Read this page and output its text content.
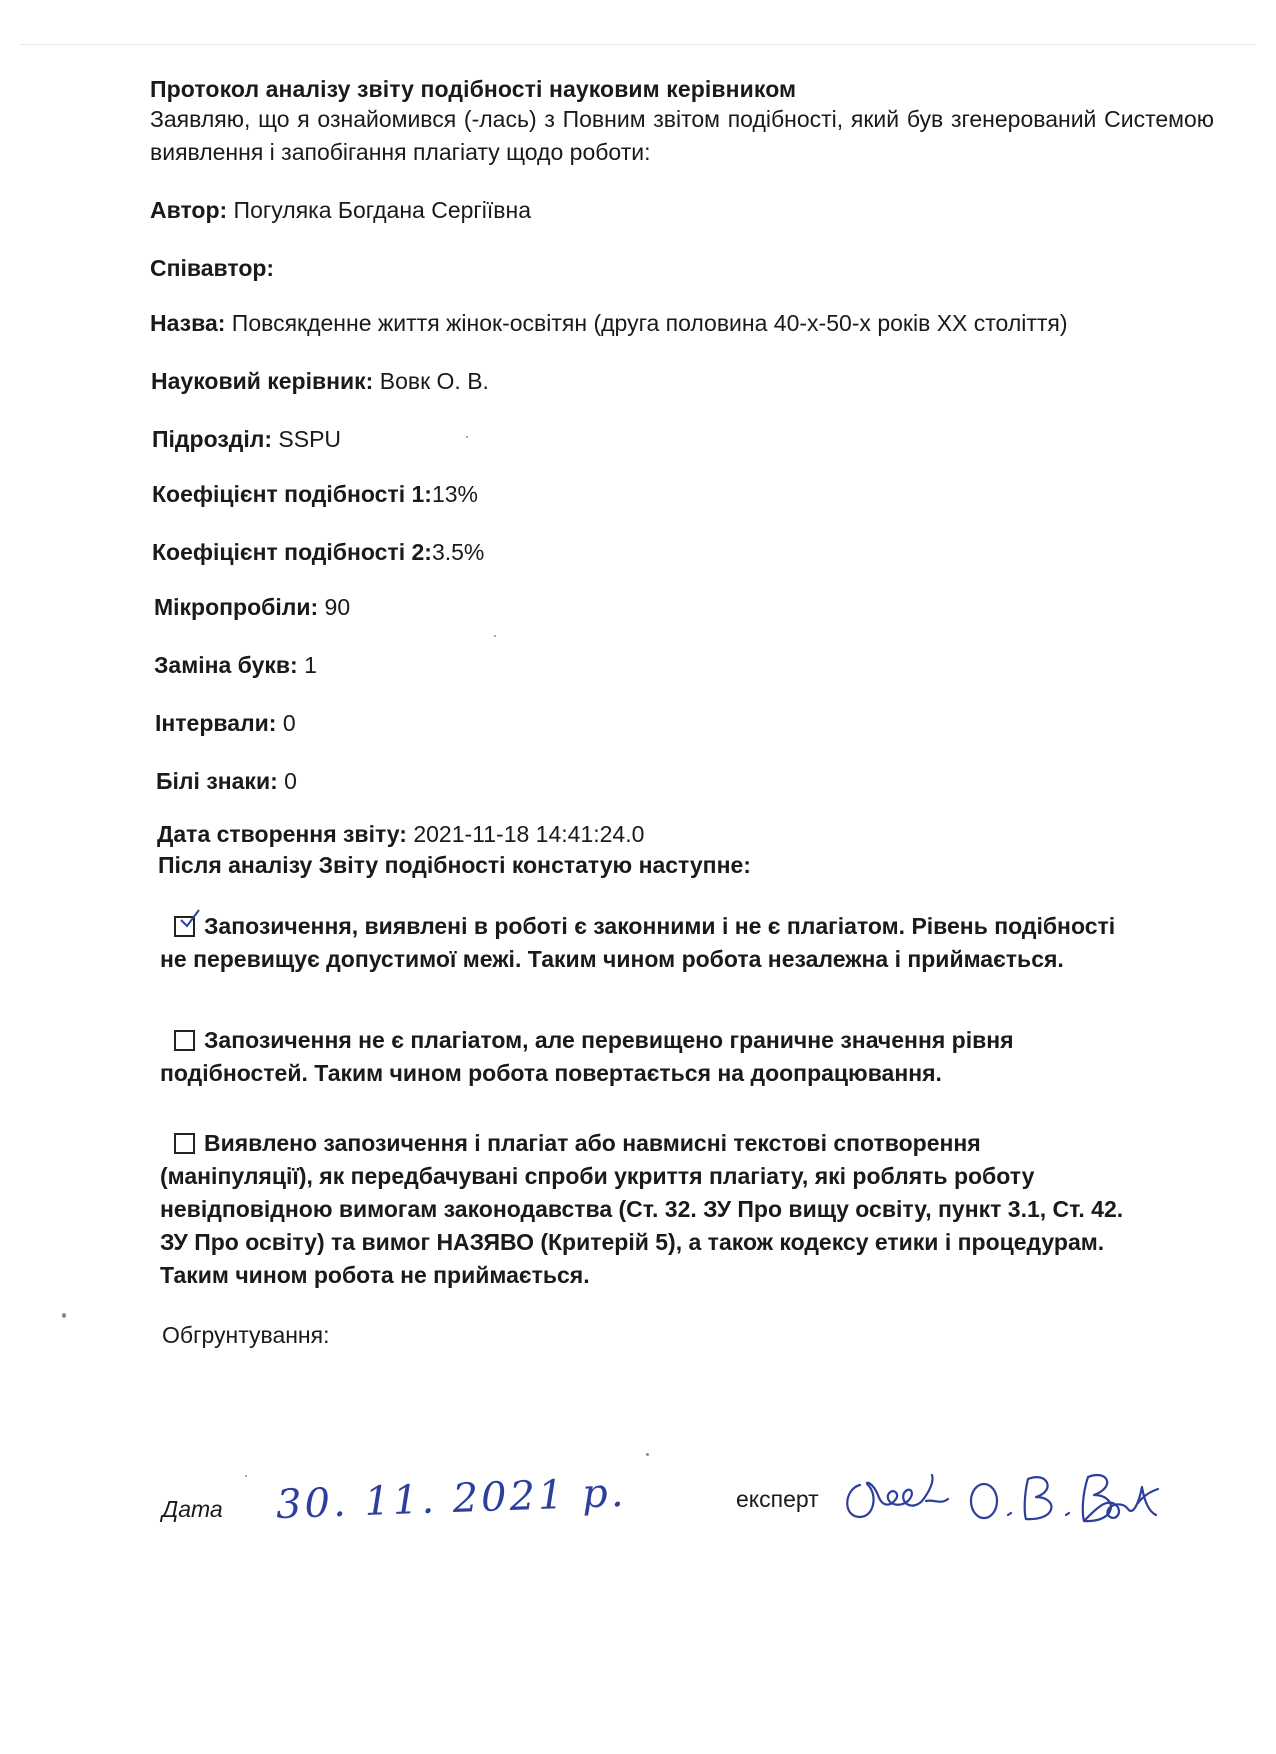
Протокол аналізу звіту подібності науковим керівником
Заявляю, що я ознайомився (-лась) з Повним звітом подібності, який був згенерований Системою виявлення і запобігання плагіату щодо роботи:
Автор: Погуляка Богдана Сергіївна
Співавтор:
Назва: Повсякденне життя жінок-освітян (друга половина 40-х-50-х років ХХ століття)
Науковий керівник: Вовк О. В.
Підрозділ: SSPU
Коефіцієнт подібності 1:13%
Коефіцієнт подібності 2:3.5%
Мікропробіли: 90
Заміна букв: 1
Інтервали: 0
Білі знаки: 0
Дата створення звіту: 2021-11-18 14:41:24.0
Після аналізу Звіту подібності констатую наступне:
Запозичення, виявлені в роботі є законними і не є плагіатом. Рівень подібності
не перевищує допустимої межі. Таким чином робота незалежна і приймається.
Запозичення не є плагіатом, але перевищено граничне значення рівня
подібностей. Таким чином робота повертається на доопрацювання.
Виявлено запозичення і плагіат або навмисні текстові спотворення
(маніпуляції), як передбачувані спроби укриття плагіату, які роблять роботу
невідповідною вимогам законодавства (Ст. 32. ЗУ Про вищу освіту, пункт 3.1, Ст. 42.
ЗУ Про освіту) та вимог НАЗЯВО (Критерій 5), а також кодексу етики і процедурам.
Таким чином робота не приймається.
Обгрунтування:
Дата 30. 11. 2021 р.	експерт
